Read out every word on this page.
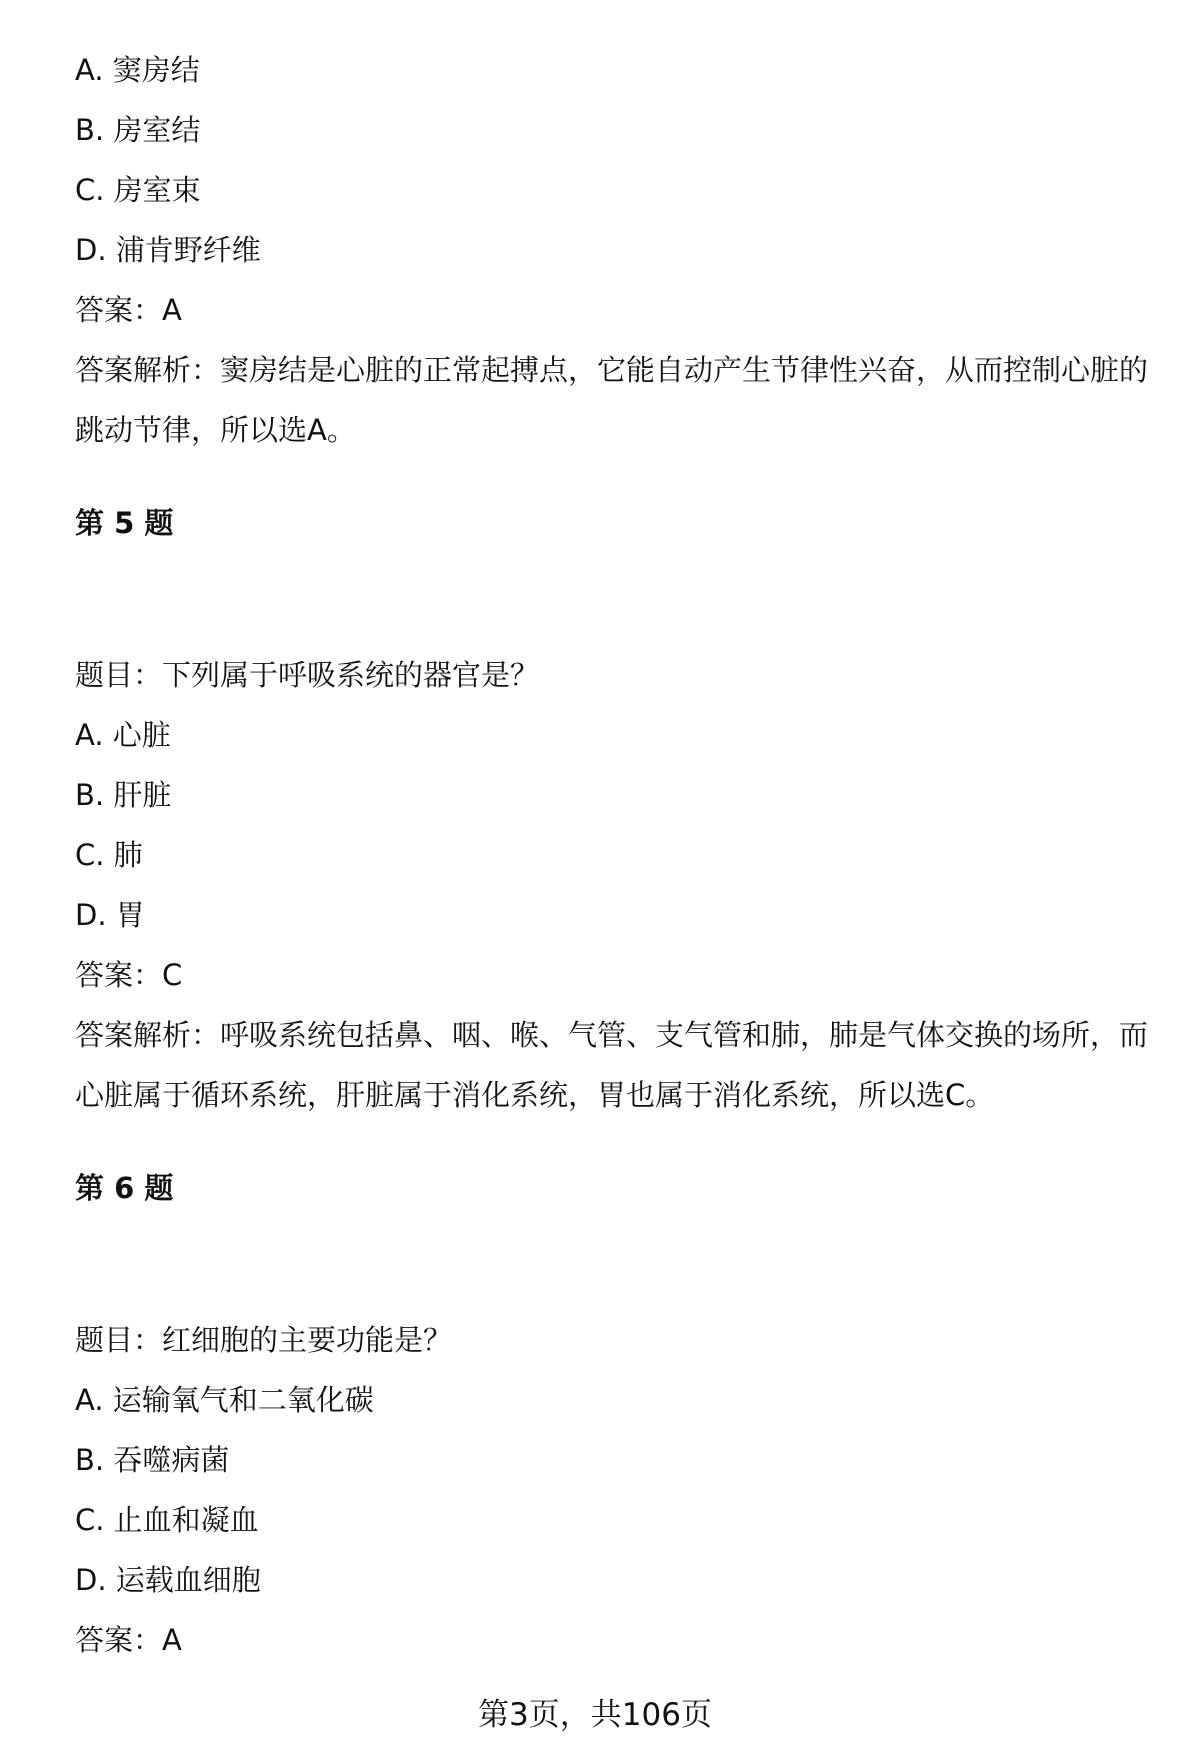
A. 窦房结
B. 房室结
C. 房室束
D. 浦肯野纤维
答案：A
答案解析：窦房结是心脏的正常起搏点，它能自动产生节律性兴奋，从而控制心脏的跳动节律，所以选A。
第 5 题
题目：下列属于呼吸系统的器官是？
A. 心脏
B. 肝脏
C. 肺
D. 胃
答案：C
答案解析：呼吸系统包括鼻、咽、喉、气管、支气管和肺，肺是气体交换的场所，而心脏属于循环系统，肝脏属于消化系统，胃也属于消化系统，所以选C。
第 6 题
题目：红细胞的主要功能是？
A. 运输氧气和二氧化碳
B. 吞噬病菌
C. 止血和凝血
D. 运载血细胞
答案：A
第3页，共106页
